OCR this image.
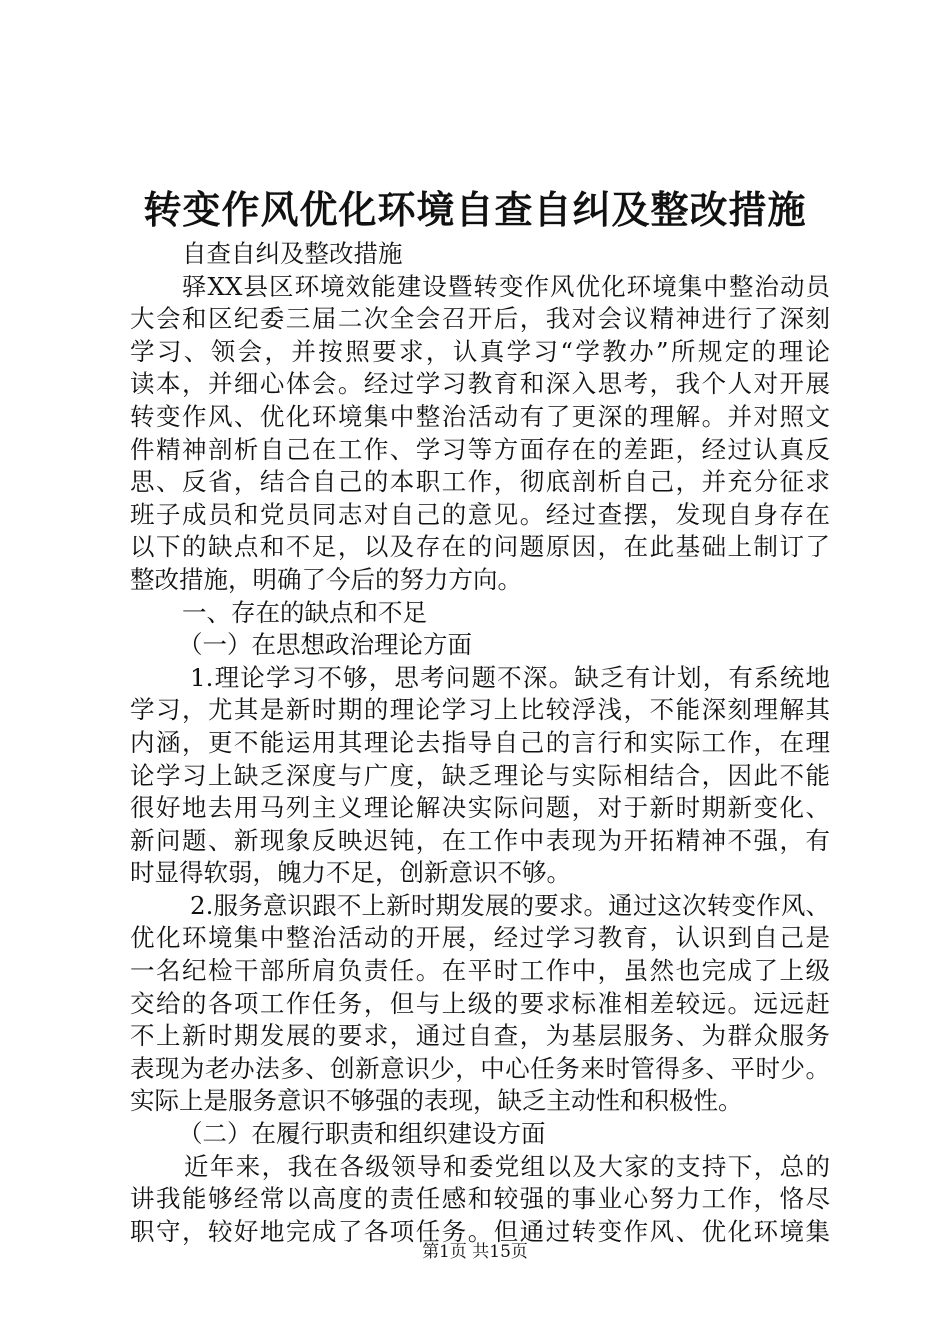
转变作风优化环境自查自纠及整改措施
自查自纠及整改措施
驿XX县区环境效能建设暨转变作风优化环境集中整治动员
大会和区纪委三届二次全会召开后，我对会议精神进行了深刻
学习、领会，并按照要求，认真学习“学教办”所规定的理论
读本，并细心体会。经过学习教育和深入思考，我个人对开展
转变作风、优化环境集中整治活动有了更深的理解。并对照文
件精神剖析自己在工作、学习等方面存在的差距，经过认真反
思、反省，结合自己的本职工作，彻底剖析自己，并充分征求
班子成员和党员同志对自己的意见。经过查摆，发现自身存在
以下的缺点和不足，以及存在的问题原因，在此基础上制订了
整改措施，明确了今后的努力方向。
一、存在的缺点和不足
（一）在思想政治理论方面
1.理论学习不够，思考问题不深。缺乏有计划，有系统地
学习，尤其是新时期的理论学习上比较浮浅，不能深刻理解其
内涵，更不能运用其理论去指导自己的言行和实际工作，在理
论学习上缺乏深度与广度，缺乏理论与实际相结合，因此不能
很好地去用马列主义理论解决实际问题，对于新时期新变化、
新问题、新现象反映迟钝，在工作中表现为开拓精神不强，有
时显得软弱，魄力不足，创新意识不够。
2.服务意识跟不上新时期发展的要求。通过这次转变作风、
优化环境集中整治活动的开展，经过学习教育，认识到自己是
一名纪检干部所肩负责任。在平时工作中，虽然也完成了上级
交给的各项工作任务，但与上级的要求标准相差较远。远远赶
不上新时期发展的要求，通过自查，为基层服务、为群众服务
表现为老办法多、创新意识少，中心任务来时管得多、平时少。
实际上是服务意识不够强的表现，缺乏主动性和积极性。
（二）在履行职责和组织建设方面
近年来，我在各级领导和委党组以及大家的支持下，总的
讲我能够经常以高度的责任感和较强的事业心努力工作，恪尽
职守，较好地完成了各项任务。但通过转变作风、优化环境集
第1页 共15页
